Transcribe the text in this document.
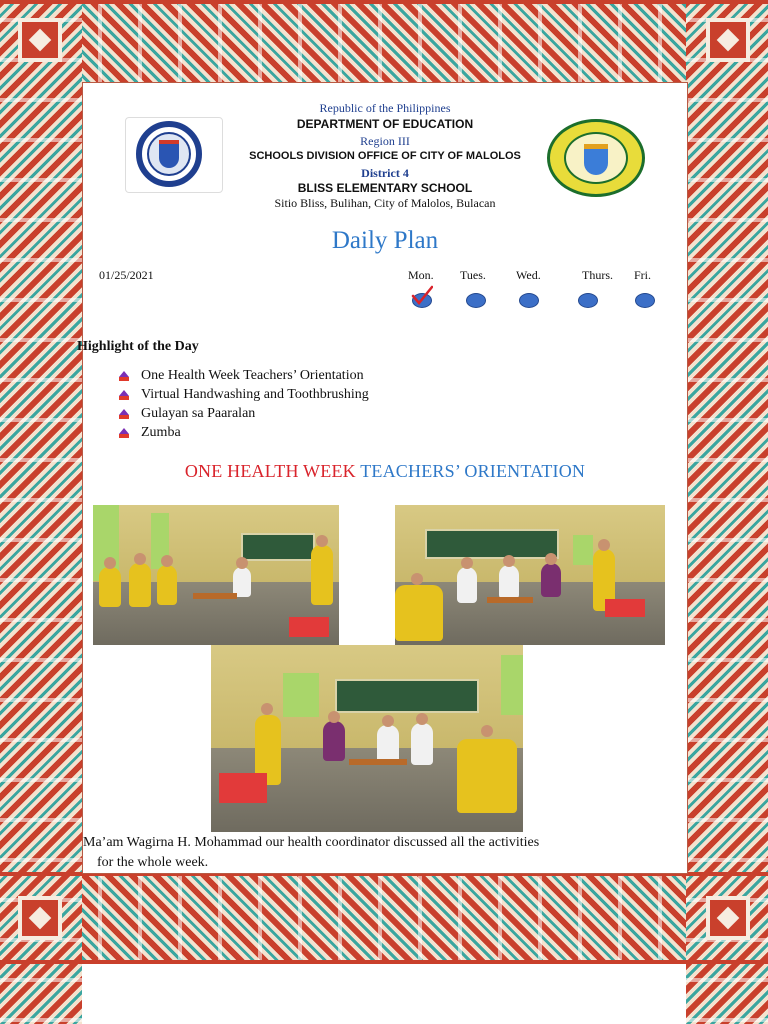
Republic of the Philippines
DEPARTMENT OF EDUCATION
Region III
SCHOOLS DIVISION OFFICE OF CITY OF MALOLOS
District 4
BLISS ELEMENTARY SCHOOL
Sitio Bliss, Bulihan, City of Malolos, Bulacan
Daily Plan
01/25/2021	Mon. Tues.	Wed.	Thurs. Fri.
Highlight of the Day
One Health Week Teachers’ Orientation
Virtual Handwashing and Toothbrushing
Gulayan sa Paaralan
Zumba
ONE HEALTH WEEK TEACHERS’ ORIENTATION
Ma’am Wagirna H. Mohammad our health coordinator discussed all the activities
for the whole week.
